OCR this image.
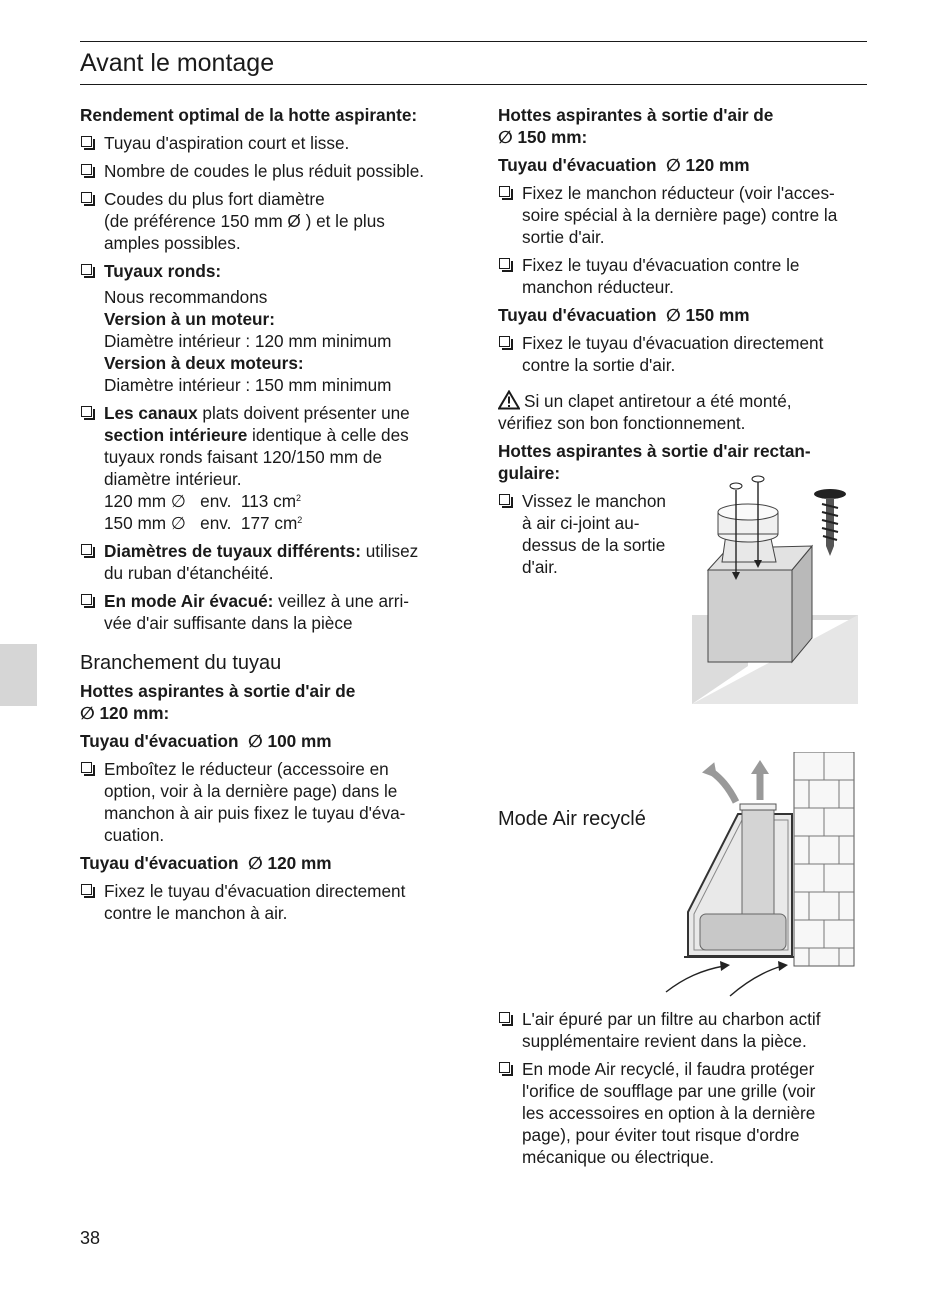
Avant le montage
Rendement optimal de la hotte aspirante:
Tuyau d'aspiration court et lisse.
Nombre de coudes le plus réduit possible.
Coudes du plus fort diamètre
(de préférence 150 mm Ø ) et le plus
amples possibles.
Tuyaux ronds:
Nous recommandons
Version à un moteur:
Diamètre intérieur : 120 mm minimum
Version à deux moteurs:
Diamètre intérieur : 150 mm minimum
Les canaux plats doivent présenter une
section intérieure identique à celle des
tuyaux ronds faisant 120/150 mm de
diamètre intérieur.
120 mm ∅   env.  113 $cm^2$
150 mm ∅   env.  177 $cm^2$
Diamètres de tuyaux différents: utilisez
du ruban d'étanchéité.
En mode Air évacué: veillez à une arri-
vée d'air suffisante dans la pièce
Branchement du tuyau
Hottes aspirantes à sortie d'air de
∅ 120 mm:
Tuyau d'évacuation  ∅ 100 mm
Emboîtez le réducteur (accessoire en
option, voir à la dernière page) dans le
manchon à air puis fixez le tuyau d'éva-
cuation.
Tuyau d'évacuation  ∅ 120 mm
Fixez le tuyau d'évacuation directement
contre le manchon à air.
Hottes aspirantes à sortie d'air de
∅ 150 mm:
Tuyau d'évacuation  ∅ 120 mm
Fixez le manchon réducteur (voir l'acces-
soire spécial à la dernière page) contre la
sortie d'air.
Fixez le tuyau d'évacuation contre le
manchon réducteur.
Tuyau d'évacuation  ∅ 150 mm
Fixez le tuyau d'évacuation directement
contre la sortie d'air.
Si un clapet antiretour a été monté,
vérifiez son bon fonctionnement.
Hottes aspirantes à sortie d'air rectan-
gulaire:
Vissez le manchon
à air ci-joint au-
dessus de la sortie
d'air.
Mode Air recyclé
L'air épuré par un filtre au charbon actif
supplémentaire revient dans la pièce.
En mode Air recyclé, il faudra protéger
l'orifice de soufflage par une grille (voir
les accessoires en option à la dernière
page), pour éviter tout risque d'ordre
mécanique ou électrique.
38
